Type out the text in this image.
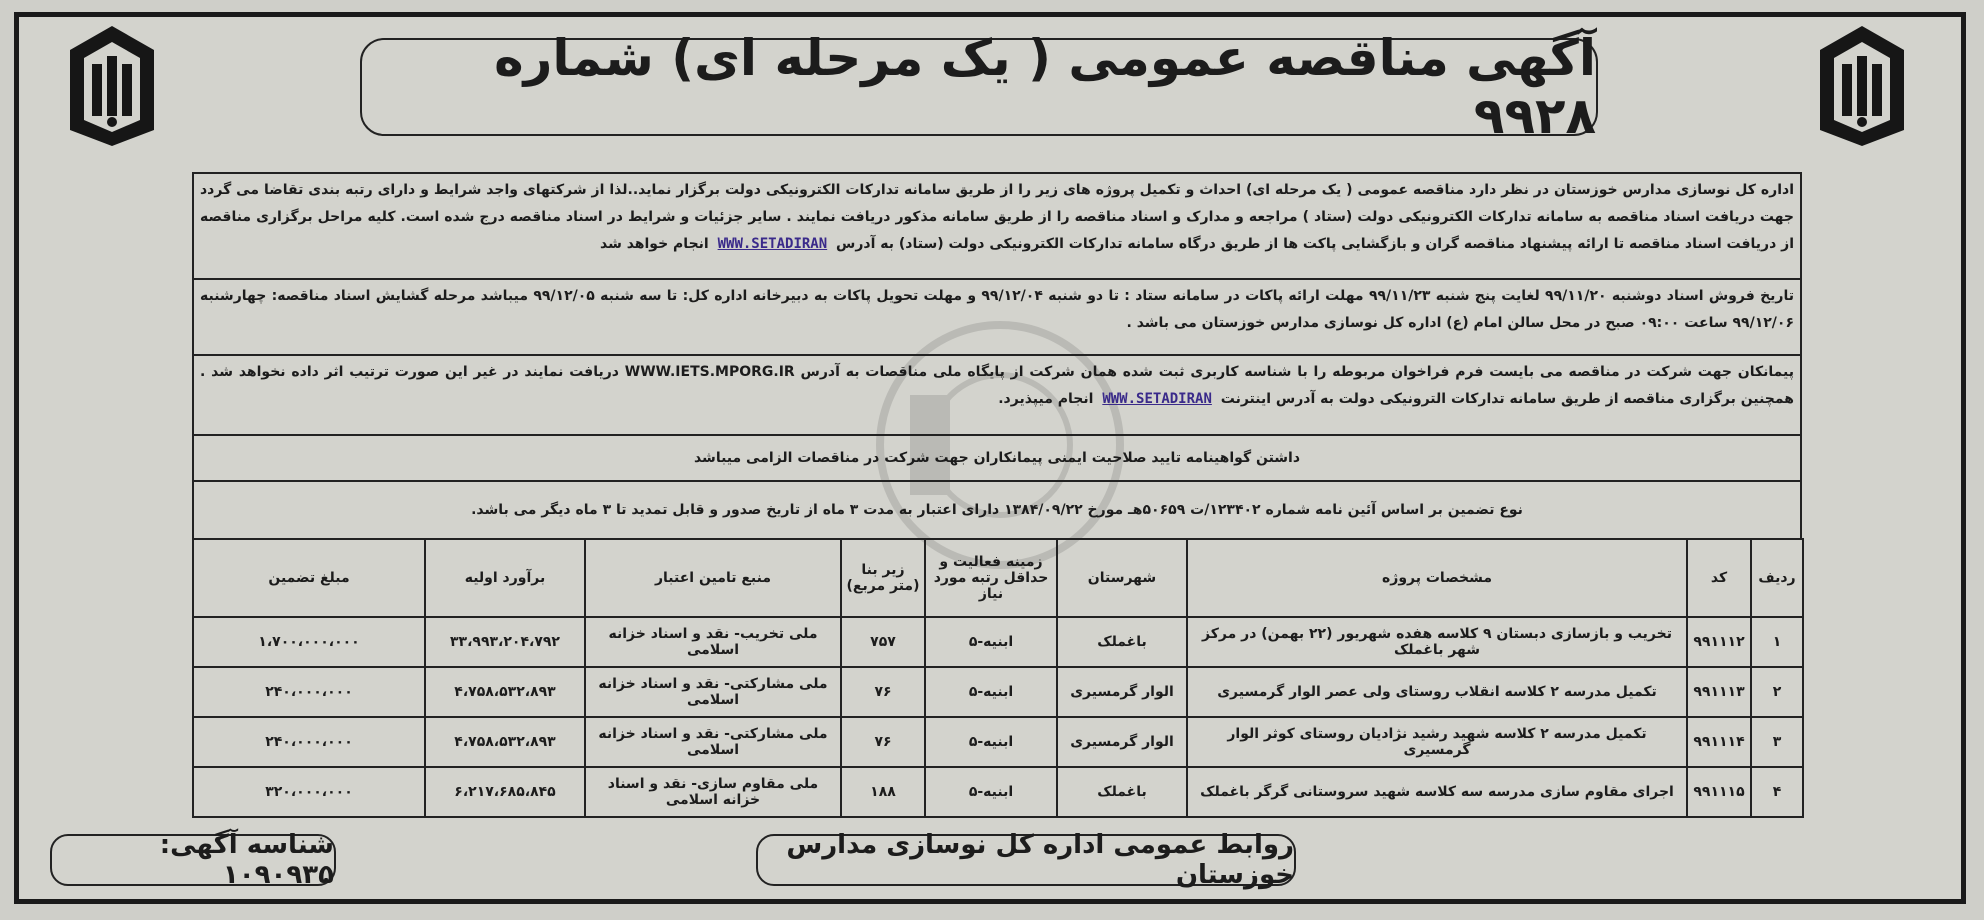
آگهی مناقصه عمومی ( یک مرحله ای) شماره ۹۹۲۸
اداره کل نوسازی مدارس خوزستان در نظر دارد مناقصه عمومی ( یک مرحله ای) احداث و تکمیل پروژه های زیر را از طریق سامانه تدارکات الکترونیکی دولت برگزار نماید..لذا از شرکتهای واجد شرایط و دارای رتبه بندی تقاضا می گردد جهت دریافت اسناد مناقصه به سامانه تدارکات الکترونیکی دولت (ستاد ) مراجعه و مدارک و اسناد مناقصه را از طریق سامانه مذکور دریافت نمایند . سایر جزئیات و شرایط در اسناد مناقصه درج شده است. کلیه مراحل برگزاری مناقصه از دریافت اسناد مناقصه تا ارائه پیشنهاد مناقصه گران و بازگشایی پاکت ها از طریق درگاه سامانه تدارکات الکترونیکی دولت (ستاد) به آدرس WWW.SETADIRAN انجام خواهد شد
تاریخ فروش اسناد دوشنبه ۹۹/۱۱/۲۰ لغایت پنج شنبه ۹۹/۱۱/۲۳ مهلت ارائه پاکات در سامانه ستاد : تا دو شنبه ۹۹/۱۲/۰۴ و مهلت تحویل پاکات به دبیرخانه اداره کل: تا سه شنبه ۹۹/۱۲/۰۵ میباشد مرحله گشایش اسناد مناقصه: چهارشنبه ۹۹/۱۲/۰۶ ساعت ۰۹:۰۰ صبح در محل سالن امام (ع) اداره کل نوسازی مدارس خوزستان می باشد .
پیمانکان جهت شرکت در مناقصه می بایست فرم فراخوان مربوطه را با شناسه کاربری ثبت شده همان شرکت از پایگاه ملی مناقصات به آدرس WWW.IETS.MPORG.IR دریافت نمایند در غیر این صورت ترتیب اثر داده نخواهد شد . همچنین برگزاری مناقصه از طریق سامانه تدارکات الترونیکی دولت به آدرس اینترنت WWW.SETADIRAN انجام میپذیرد.
داشتن گواهینامه تایید صلاحیت ایمنی پیمانکاران جهت شرکت در مناقصات الزامی میباشد
نوع تضمین بر اساس آئین نامه شماره ۱۲۳۴۰۲/ت ۵۰۶۵۹هـ مورخ ۱۳۸۴/۰۹/۲۲ دارای اعتبار به مدت ۳ ماه از تاریخ صدور و قابل تمدید تا ۳ ماه دیگر می باشد.
ردیف	کد	مشخصات پروژه	شهرستان	زمینه فعالیت و حداقل رتبه مورد نیاز	زیر بنا (متر مربع)	منبع تامین اعتبار	برآورد اولیه	مبلغ تضمین
۱	۹۹۱۱۱۲	تخریب و بازسازی دبستان ۹ کلاسه هفده شهریور (۲۲ بهمن) در مرکز شهر باغملک	باغملک	ابنیه-۵	۷۵۷	ملی تخریب- نقد و اسناد خزانه اسلامی	۳۳،۹۹۳،۲۰۴،۷۹۲	۱،۷۰۰،۰۰۰،۰۰۰
۲	۹۹۱۱۱۳	تکمیل مدرسه ۲ کلاسه انقلاب روستای ولی عصر الوار گرمسیری	الوار گرمسیری	ابنیه-۵	۷۶	ملی مشارکتی- نقد و اسناد خزانه اسلامی	۴،۷۵۸،۵۳۲،۸۹۳	۲۴۰،۰۰۰،۰۰۰
۳	۹۹۱۱۱۴	تکمیل مدرسه ۲ کلاسه شهید رشید نژادیان روستای کوثر الوار گرمسیری	الوار گرمسیری	ابنیه-۵	۷۶	ملی مشارکتی- نقد و اسناد خزانه اسلامی	۴،۷۵۸،۵۳۲،۸۹۳	۲۴۰،۰۰۰،۰۰۰
۴	۹۹۱۱۱۵	اجرای مقاوم سازی مدرسه سه کلاسه شهید سروستانی گرگر باغملک	باغملک	ابنیه-۵	۱۸۸	ملی مقاوم سازی- نقد و اسناد خزانه اسلامی	۶،۲۱۷،۶۸۵،۸۴۵	۳۲۰،۰۰۰،۰۰۰
روابط عمومی اداره کل نوسازی مدارس خوزستان
شناسه آگهی: ۱۰۹۰۹۳۵
